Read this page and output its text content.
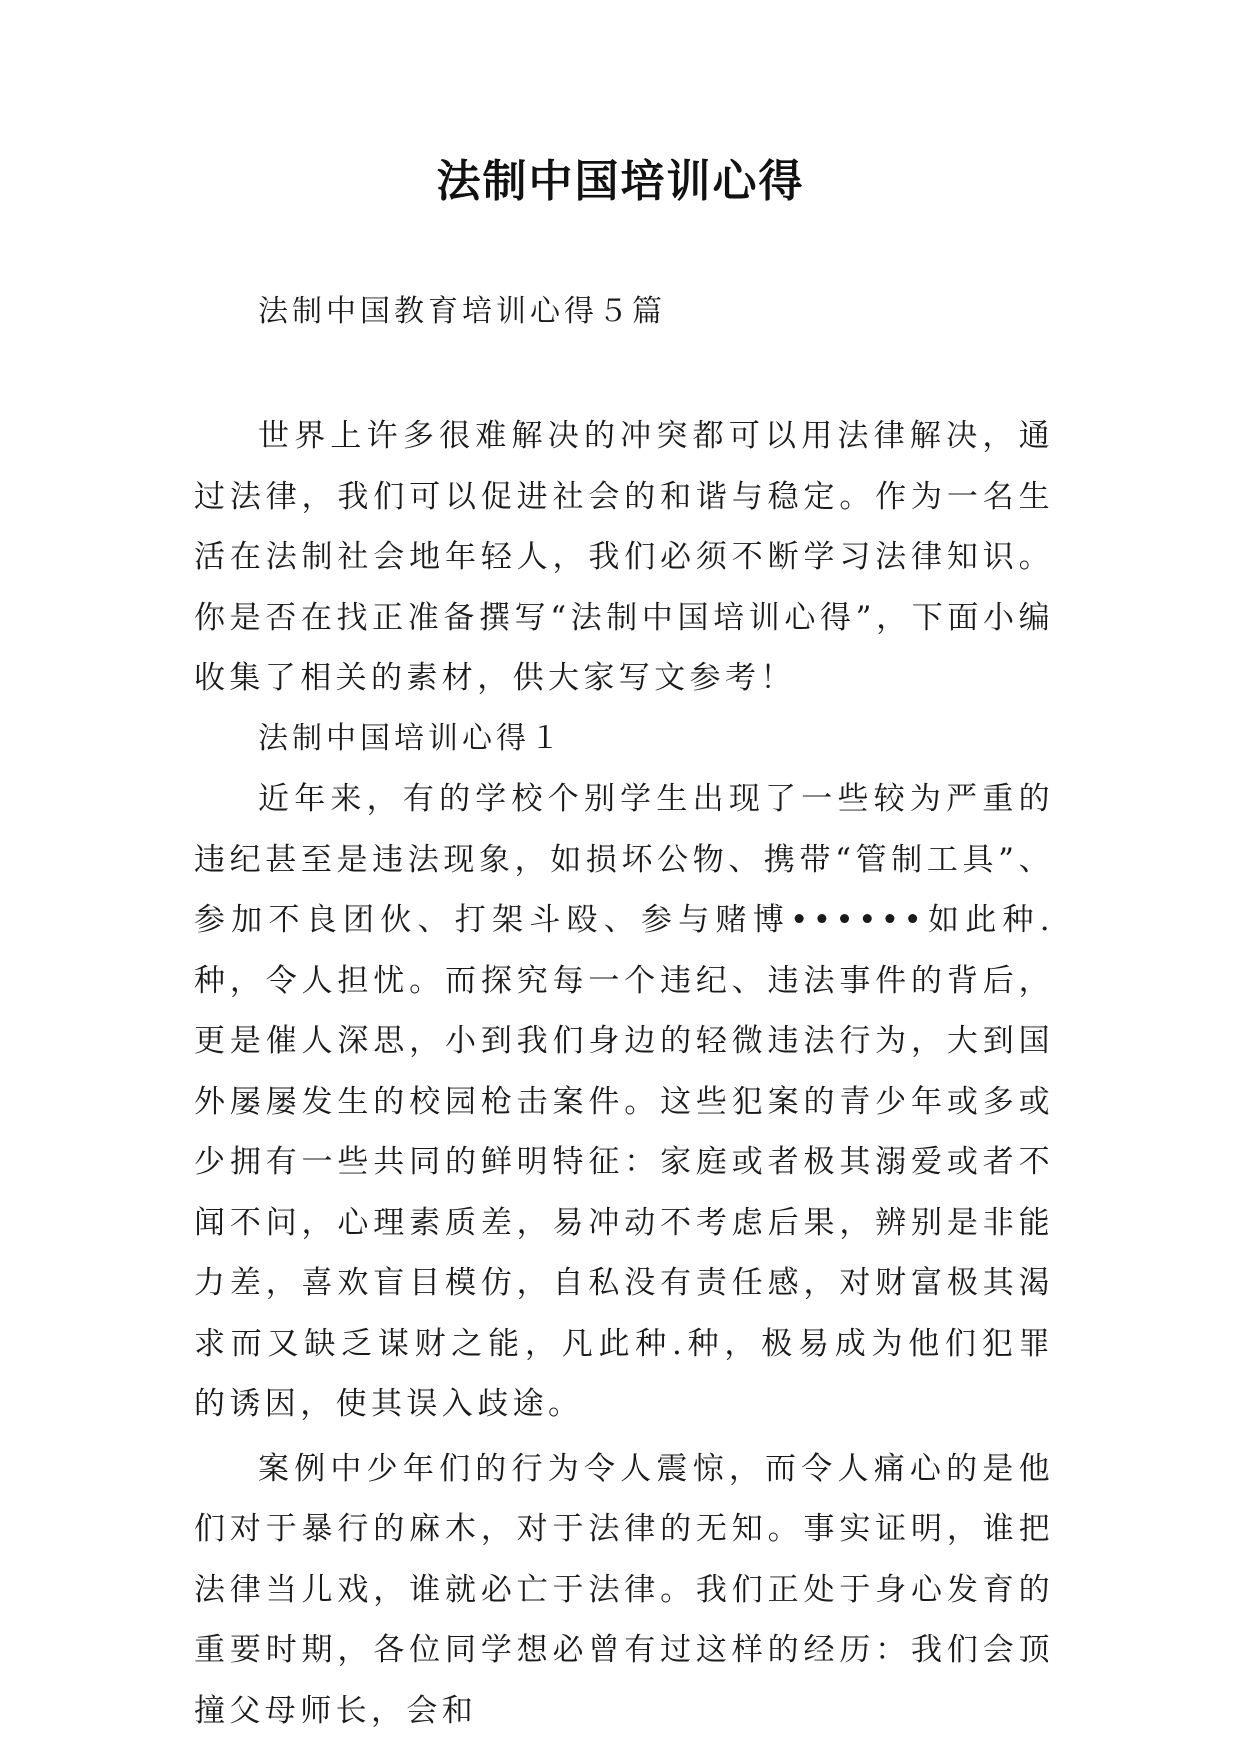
法制中国培训心得

法制中国教育培训心得５篇

世界上许多很难解决的冲突都可以用法律解决，通过法律，我们可以促进社会的和谐与稳定。作为一名生活在法制社会地年轻人，我们必须不断学习法律知识。你是否在找正准备撰写“法制中国培训心得”，下面小编收集了相关的素材，供大家写文参考！

法制中国培训心得１

近年来，有的学校个别学生出现了一些较为严重的违纪甚至是违法现象，如损坏公物、携带“管制工具”、参加不良团伙、打架斗殴、参与赌博••••••如此种.种，令人担忧。而探究每一个违纪、违法事件的背后，更是催人深思，小到我们身边的轻微违法行为，大到国外屡屡发生的校园枪击案件。这些犯案的青少年或多或少拥有一些共同的鲜明特征：家庭或者极其溺爱或者不闻不问，心理素质差，易冲动不考虑后果，辨别是非能力差，喜欢盲目模仿，自私没有责任感，对财富极其渴求而又缺乏谋财之能，凡此种.种，极易成为他们犯罪的诱因，使其误入歧途。

案例中少年们的行为令人震惊，而令人痛心的是他们对于暴行的麻木，对于法律的无知。事实证明，谁把法律当儿戏，谁就必亡于法律。我们正处于身心发育的重要时期，各位同学想必曾有过这样的经历：我们会顶撞父母师长，会和
